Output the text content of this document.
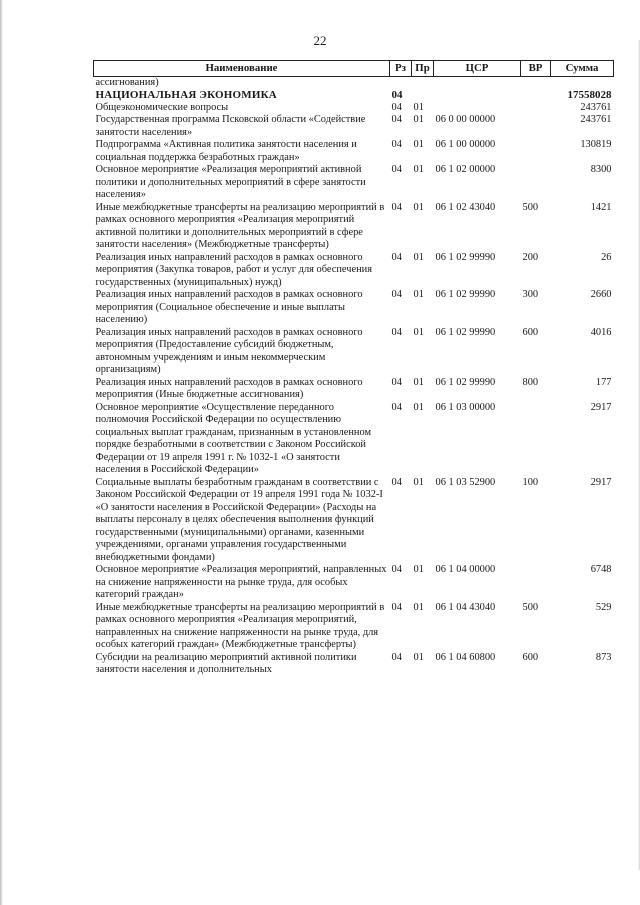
22
Наименование	Рз	Пр	ЦСР	ВР	Сумма
ассигнования)					
НАЦИОНАЛЬНАЯ ЭКОНОМИКА	04				17558028
Общеэкономические вопросы	04	01			243761
Государственная программа Псковской области «Содействие занятости населения»	04	01	06 0 00 00000		243761
Подпрограмма «Активная политика занятости населения и социальная поддержка безработных граждан»	04	01	06 1 00 00000		130819
Основное мероприятие «Реализация мероприятий активной политики и дополнительных мероприятий в сфере занятости населения»	04	01	06 1 02 00000		8300
Иные межбюджетные трансферты на реализацию мероприятий в рамках основного мероприятия «Реализация мероприятий активной политики и дополнительных мероприятий в сфере занятости населения» (Межбюджетные трансферты)	04	01	06 1 02 43040	500	1421
Реализация иных направлений расходов в рамках основного мероприятия (Закупка товаров, работ и услуг для обеспечения государственных (муниципальных) нужд)	04	01	06 1 02 99990	200	26
Реализация иных направлений расходов в рамках основного мероприятия (Социальное обеспечение и иные выплаты населению)	04	01	06 1 02 99990	300	2660
Реализация иных направлений расходов в рамках основного мероприятия (Предоставление субсидий бюджетным, автономным учреждениям и иным некоммерческим организациям)	04	01	06 1 02 99990	600	4016
Реализация иных направлений расходов в рамках основного мероприятия (Иные бюджетные ассигнования)	04	01	06 1 02 99990	800	177
Основное мероприятие «Осуществление переданного полномочия Российской Федерации по осуществлению социальных выплат гражданам, признанным в установленном порядке безработными в соответствии с Законом Российской Федерации от 19 апреля 1991 г. № 1032-1 «О занятости населения в Российской Федерации»	04	01	06 1 03 00000		2917
Социальные выплаты безработным гражданам в соответствии с Законом Российской Федерации от 19 апреля 1991 года № 1032-I «О занятости населения в Российской Федерации» (Расходы на выплаты персоналу в целях обеспечения выполнения функций государственными (муниципальными) органами, казенными учреждениями, органами управления государственными внебюджетными фондами)	04	01	06 1 03 52900	100	2917
Основное мероприятие «Реализация мероприятий, направленных на снижение напряженности на рынке труда, для особых категорий граждан»	04	01	06 1 04 00000		6748
Иные межбюджетные трансферты на реализацию мероприятий в рамках основного мероприятия «Реализация мероприятий, направленных на снижение напряженности на рынке труда, для особых категорий граждан» (Межбюджетные трансферты)	04	01	06 1 04 43040	500	529
Субсидии на реализацию мероприятий активной политики занятости населения и дополнительных	04	01	06 1 04 60800	600	873
